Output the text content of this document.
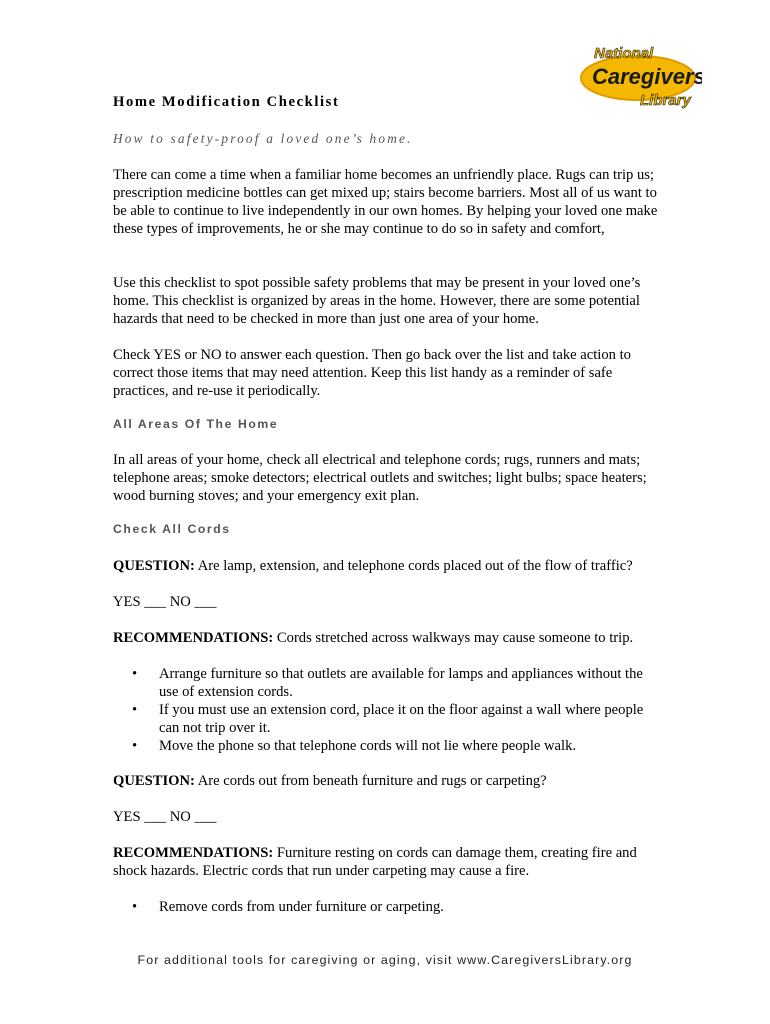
National
Caregivers
Library
Home Modification Checklist
How to safety-proof a loved one’s home.

There can come a time when a familiar home becomes an unfriendly place. Rugs can trip us; prescription medicine bottles can get mixed up; stairs become barriers. Most all of us want to be able to continue to live independently in our own homes. By helping your loved one make these types of improvements, he or she may continue to do so in safety and comfort,

Use this checklist to spot possible safety problems that may be present in your loved one’s home. This checklist is organized by areas in the home. However, there are some potential hazards that need to be checked in more than just one area of your home.

Check YES or NO to answer each question. Then go back over the list and take action to correct those items that may need attention. Keep this list handy as a reminder of safe practices, and re-use it periodically.

All Areas Of The Home

In all areas of your home, check all electrical and telephone cords; rugs, runners and mats; telephone areas; smoke detectors; electrical outlets and switches; light bulbs; space heaters; wood burning stoves; and your emergency exit plan.

Check All Cords

QUESTION: Are lamp, extension, and telephone cords placed out of the flow of traffic?

YES ___ NO ___

RECOMMENDATIONS: Cords stretched across walkways may cause someone to trip.

• Arrange furniture so that outlets are available for lamps and appliances without the use of extension cords.
• If you must use an extension cord, place it on the floor against a wall where people can not trip over it.
• Move the phone so that telephone cords will not lie where people walk.

QUESTION: Are cords out from beneath furniture and rugs or carpeting?

YES ___ NO ___

RECOMMENDATIONS: Furniture resting on cords can damage them, creating fire and shock hazards. Electric cords that run under carpeting may cause a fire.

• Remove cords from under furniture or carpeting.
For additional tools for caregiving or aging, visit www.CaregiversLibrary.org
